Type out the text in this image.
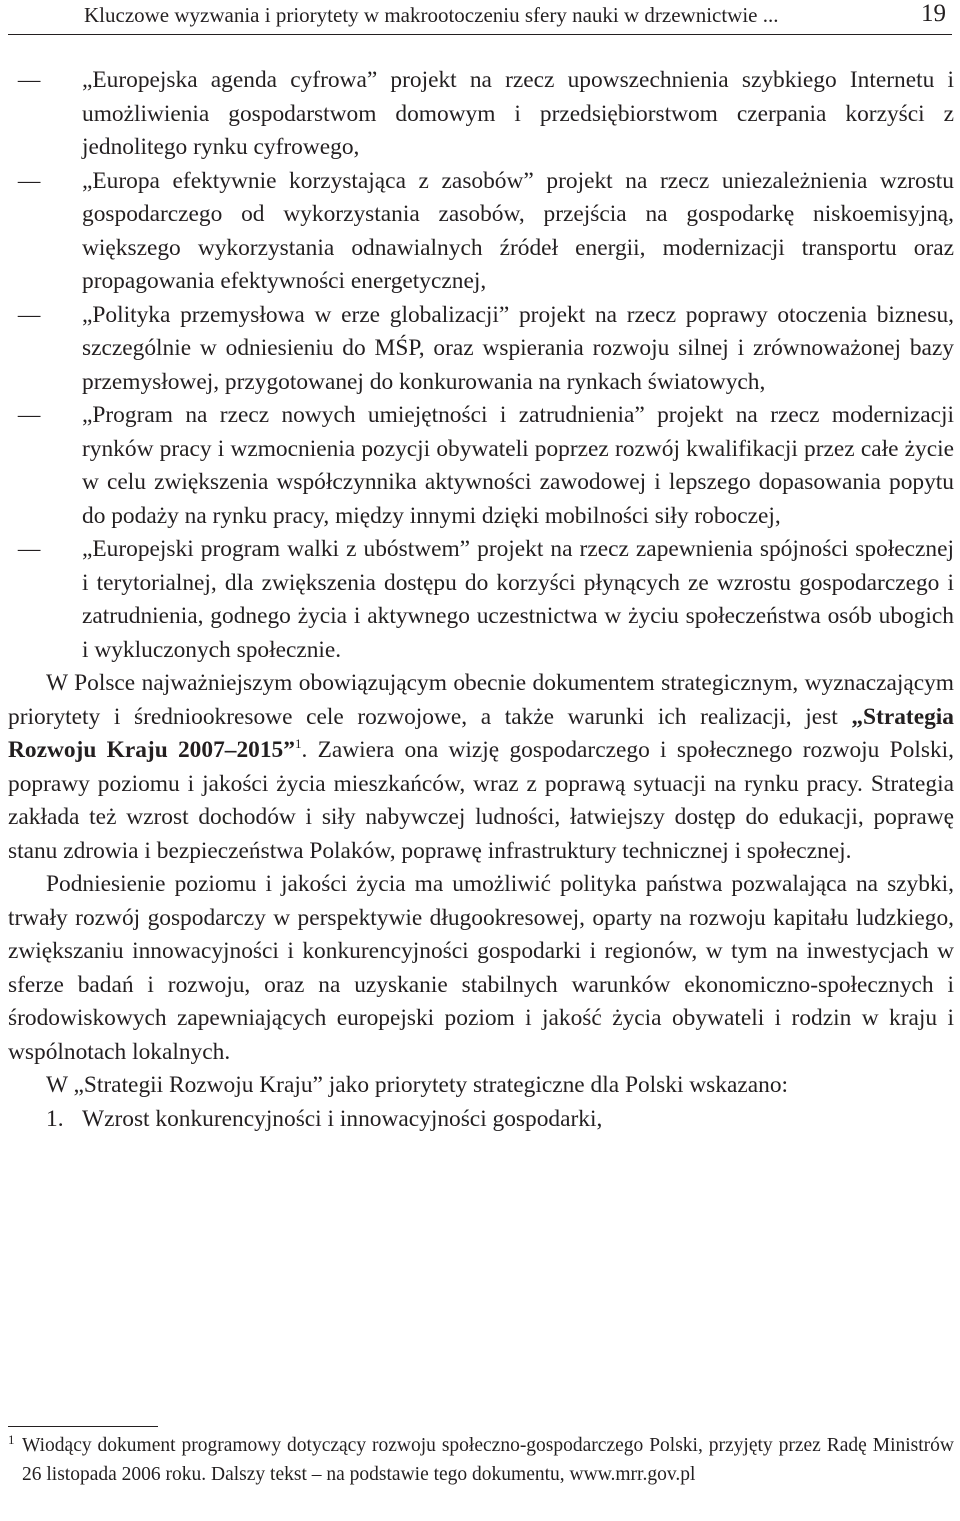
Kluczowe wyzwania i priorytety w makrootoczeniu sfery nauki w drzewnictwie ...	19
–
„Europejska agenda cyfrowa” projekt na rzecz upowszechnienia szybkiego Internetu i umożliwienia gospodarstwom domowym i przedsiębiorstwom czerpania korzyści z jednolitego rynku cyfrowego,
–
„Europa efektywnie korzystająca z zasobów” projekt na rzecz uniezależnienia wzrostu gospodarczego od wykorzystania zasobów, przejścia na gospodarkę niskoemisyjną, większego wykorzystania odnawialnych źródeł energii, modernizacji transportu oraz propagowania efektywności energetycznej,
–
„Polityka przemysłowa w erze globalizacji” projekt na rzecz poprawy otoczenia biznesu, szczególnie w odniesieniu do MŚP, oraz wspierania rozwoju silnej i zrównoważonej bazy przemysłowej, przygotowanej do konkurowania na rynkach światowych,
–
„Program na rzecz nowych umiejętności i zatrudnienia” projekt na rzecz modernizacji rynków pracy i wzmocnienia pozycji obywateli poprzez rozwój kwalifikacji przez całe życie w celu zwiększenia współczynnika aktywności zawodowej i lepszego dopasowania popytu do podaży na rynku pracy, między innymi dzięki mobilności siły roboczej,
–
„Europejski program walki z ubóstwem” projekt na rzecz zapewnienia spójności społecznej i terytorialnej, dla zwiększenia dostępu do korzyści płynących ze wzrostu gospodarczego i zatrudnienia, godnego życia i aktywnego uczestnictwa w życiu społeczeństwa osób ubogich i wykluczonych społecznie.

W Polsce najważniejszym obowiązującym obecnie dokumentem strategicznym, wyznaczającym priorytety i średniookresowe cele rozwojowe, a także warunki ich realizacji, jest „Strategia Rozwoju Kraju 2007–2015”$^1$. Zawiera ona wizję gospodarczego i społecznego rozwoju Polski, poprawy poziomu i jakości życia mieszkańców, wraz z poprawą sytuacji na rynku pracy. Strategia zakłada też wzrost dochodów i siły nabywczej ludności, łatwiejszy dostęp do edukacji, poprawę stanu zdrowia i bezpieczeństwa Polaków, poprawę infrastruktury technicznej i społecznej.

Podniesienie poziomu i jakości życia ma umożliwić polityka państwa pozwalająca na szybki, trwały rozwój gospodarczy w perspektywie długookresowej, oparty na rozwoju kapitału ludzkiego, zwiększaniu innowacyjności i konkurencyjności gospodarki i regionów, w tym na inwestycjach w sferze badań i rozwoju, oraz na uzyskanie stabilnych warunków ekonomiczno-społecznych i środowiskowych zapewniających europejski poziom i jakość życia obywateli i rodzin w kraju i wspólnotach lokalnych.

W „Strategii Rozwoju Kraju” jako priorytety strategiczne dla Polski wskazano:

1. Wzrost konkurencyjności i innowacyjności gospodarki,
1 Wiodący dokument programowy dotyczący rozwoju społeczno-gospodarczego Polski, przyjęty przez Radę Ministrów 26 listopada 2006 roku. Dalszy tekst – na podstawie tego dokumentu, www.mrr.gov.pl
